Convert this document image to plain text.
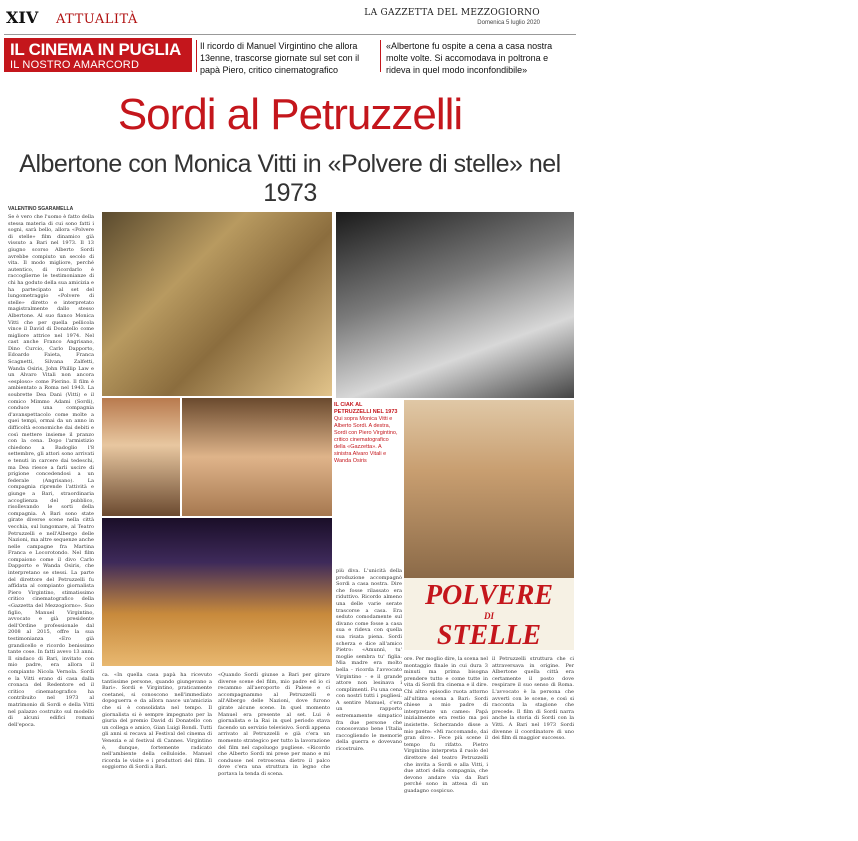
XIV ATTUALITÀ	LA GAZZETTA DEL MEZZOGIORNO
Domenica 5 luglio 2020
IL CINEMA IN PUGLIA
IL NOSTRO AMARCORD
Il ricordo di Manuel Virgintino che allora 13enne, trascorse giornate sul set con il papà Piero, critico cinematografico
«Albertone fu ospite a cena a casa nostra molte volte. Si accomodava in poltrona e rideva in quel modo inconfondibile»
Sordi al Petruzzelli
Albertone con Monica Vitti in «Polvere di stelle» nel 1973
VALENTINO SGARAMELLA
Se è vero che l'uomo è fatto della stessa materia di cui sono fatti i sogni, sarà bello, allora «Polvere di stelle» film dinamico già vissuto a Bari nel 1973. Il 13 giugno scorso Alberto Sordi avrebbe compiuto un secolo di vita. Il modo migliore, perché autentico, di ricordarlo è raccoglierne le testimonianze di chi ha goduto della sua amicizia e ha partecipato al set del lungometraggio «Polvere di stelle» diretto e interpretato magistralmente dallo stesso Albertone. Al suo fianco Monica Vitti che per quella pellicola vince il David di Donatello come migliore attrice nel 1974. Nel cast anche Franco Angrisano, Dino Curcio, Carlo Dapporto, Edoardo Faieta, Franca Scagnetti, Silvana Zalfetti, Wanda Osiris, John Phillip Law e un Alvaro Vitali non ancora «esploso» come Pierino. Il film è ambientato a Roma nel 1943. La soubrette Dea Dani (Vitti) e il comico Mimmo Adami (Sordi), conduce una compagnia d'avanspettacolo come molte a quei tempi, ormai da un anno in difficoltà economiche dai debiti e così mettere insieme il pranzo con la cena. Dopo l'armistizio chiedono a Badoglio l'8 settembre, gli attori sono arrivati e tenuti in carcere dai tedeschi, ma Dea riesce a farli uscire di prigione concedendosi a un federale (Angrisano). La compagnia riprende l'attività e giunge a Bari, straordinaria accoglienza del pubblico, risollevando le sorti della compagnia. A Bari sono state girate diverse scene nella città vecchia, sul lungomare, al Teatro Petruzzelli e nell'Albergo delle Nazioni, ma altre sequenze anche nelle campagne fra Martina Franca e Locorotondo. Nel film compaiono come il divo Carlo Dapporto e Wanda Osiris, che interpretano se stessi. La parte del direttore del Petruzzelli fu affidata al compianto giornalista Piero Virgintino, stimatissimo critico cinematografico della «Gazzetta del Mezzogiorno». Suo figlio, Manuel Virgintino, avvocato e già presidente dell'Ordine professionale dal 2008 al 2015, offre la sua testimonianza «Ero già grandicello e ricordo benissimo tante cose. In fatti avevo 13 anni. Il sindaco di Bari, invitato con mio padre, era allora il compianto Nicola Vernola. Sordi e la Vitti erano di casa dalla cronaca del Redentore ed il critico cinematografico ha contribuito nel 1973 al matrimonio di Sordi e della Vitti nel palazzo costruito sul modello di alcuni edifici romani dell'epoca.
a cura di FRANCESCO SAVERIO NIRO
IL CIAK AL PETRUZZELLI NEL 1973
Qui sopra Monica Vitti e Alberto Sordi. A destra, Sordi con Piero Virgintino, critico cinematografico della «Gazzetta». A sinistra Alvaro Vitali e Wanda Osiris
POLVERE
DI
STELLE
ca. «In quella casa papà ha ricevuto tantissime persone, quando giungevano a Bari». Sordi e Virgintino, praticamente coetanei, si conoscono nell'immediato dopoguerra e da allora nasce un'amicizia che si è consolidata nel tempo. Il giornalista si è sempre impegnato per la giuria del premio David di Donatello con un collega e amico, Gian Luigi Rondi. Tutti gli anni si recava al Festival del cinema di Venezia e al festival di Cannes. Virgintino è, dunque, fortemente radicato nell'ambiente della celluloide. Manuel ricorda le visite e i produttori del film. Il soggiorno di Sordi a Bari.
«Quando Sordi giunse a Bari per girare diverse scene del film, mio padre ed io ci recammo all'aeroporto di Palese e ci accompagnammo al Petruzzelli e all'Albergo delle Nazioni, dove furono girate alcune scene. In quel momento Manuel era presente al set. Lui è giornalista e la Rai in quel periodo stava facendo un servizio televisivo. Sordi appena arrivato al Petruzzelli e già c'era un momento strategico per tutto la lavorazione del film nel capoluogo pugliese. «Ricordo che Alberto Sordi mi prese per mano e mi condusse nel retroscena dietro il palco dove c'era una struttura in legno che portava la tenda di scena.
più diva. L'unicità della produzione accompagnò Sordi a casa nostra. Dire che fosse rilassato era riduttivo. Ricordo almeno una delle varie serate trascorse a casa. Era seduto comodamente sul divano come fosse a casa sua e rideva con quella sua risata piena. Sordi scherza e dice all'amico Pietro: «Amunnì, tu' moglie sembra tu' figlia. Mia madre era molto bella - ricorda l'avvocato Virgintino - e il grande attore non lesinava i complimenti. Fu una cena con nostri tutti i pugliesi. A sentire Manuel, c'era un rapporto estremamente simpatico fra due persone che conoscevano bene l'Italia raccogliendo le memorie della guerra e dovevano ricostruire.
ore. Per moglio dire, la scena nel montaggio finale in cui dura 3 minuti ma prima bisogna prendere tutto e come tutte in vita di Sordi fra cinema e il dire. Chi altro episodio ruota attorno all'ultima scena a Bari: Sordi chiese a mio padre di interpretare un cameo: Papà inizialmente era restio ma poi insistette. Scherzando disse a mio padre: «Mi raccomando, dai gran divo». Fece più scene il tempo fu rifatto. Pietro Virgintino interpreta il ruolo del direttore del teatro Petruzzelli che invita a Sordi e alla Vitti, i due attori della compagnia, che devono andare via da Bari perché sono in attesa di un guadagno cospicuo.
il Petruzzelli struttura che ci attraversava in origine. Per Albertone quella città era certamente il posto dove respirare il suo senso di Roma. L'avvocato è la persona che avvertì con le scene, e così si racconta la stagione che precede. Il film di Sordi narra anche la storia di Sordi con la Vitti. A Bari nel 1973 Sordi divenne il coordinatore di uno dei film di maggior successo.
